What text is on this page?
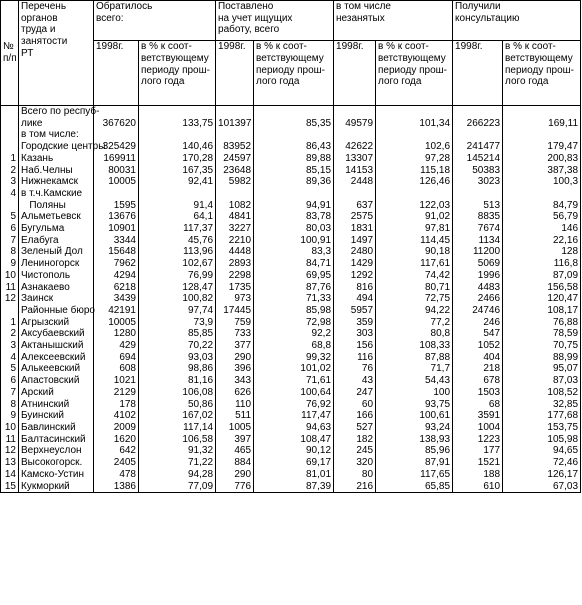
№
п/п	Перечень
органов
труда и
занятости
РТ	Обратилось
всего:		Поставлено
на учет ищущих
работу, всего		в том числе
незанятых		Получили
консультацию	
		1998г.	в % к соот-
ветствующему
периоду прош-
лого года	1998г.	в % к соот-
ветствующему
периоду прош-
лого года	1998г.	в % к соот-
ветствующему
периоду прош-
лого года	1998г.	в % к соот-
ветствующему
периоду прош-
лого года
	Всего по респуб-								
	лике	367620	133,75	101397	85,35	49579	101,34	266223	169,11
	в том числе:								
	Городские центры	325429	140,46	83952	86,43	42622	102,6	241477	179,47

1	Казань	169911	170,28	24597	89,88	13307	97,28	145214	200,83
2	Наб.Челны	80031	167,35	23648	85,15	14153	115,18	50383	387,38
3	Нижнекамск	10005	92,41	5982	89,36	2448	126,46	3023	100,3
4	в т.ч.Камские								
	Поляны	1595	91,4	1082	94,91	637	122,03	513	84,79
5	Альметьевск	13676	64,1	4841	83,78	2575	91,02	8835	56,79
6	Бугульма	10901	117,37	3227	80,03	1831	97,81	7674	146
7	Елабуга	3344	45,76	2210	100,91	1497	114,45	1134	22,16
8	Зеленый Дол	15648	113,96	4448	83,3	2480	90,18	11200	128
9	Лениногорск	7962	102,67	2893	84,71	1429	117,61	5069	116,8
10	Чистополь	4294	76,99	2298	69,95	1292	74,42	1996	87,09
11	Азнакаево	6218	128,47	1735	87,76	816	80,71	4483	156,58
12	Заинск	3439	100,82	973	71,33	494	72,75	2466	120,47

	Районные бюро	42191	97,74	17445	85,98	5957	94,22	24746	108,17

1	Агрызский	10005	73,9	759	72,98	359	77,2	246	76,88
2	Аксубаевский	1280	85,85	733	92,2	303	80,8	547	78,59
3	Актанышский	429	70,22	377	68,8	156	108,33	1052	70,75
4	Алексеевский	694	93,03	290	99,32	116	87,88	404	88,99
5	Алькеевский	608	98,86	396	101,02	76	71,7	218	95,07
6	Апастовский	1021	81,16	343	71,61	43	54,43	678	87,03
7	Арский	2129	106,08	626	100,64	247	100	1503	108,52
8	Атнинский	178	50,86	110	76,92	60	93,75	68	32,85
9	Буинский	4102	167,02	511	117,47	166	100,61	3591	177,68
10	Бавлинский	2009	117,14	1005	94,63	527	93,24	1004	153,75
11	Балтасинский	1620	106,58	397	108,47	182	138,93	1223	105,98
12	Верхнеуслон	642	91,32	465	90,12	245	85,96	177	94,65
13	Высокогорск.	2405	71,22	884	69,17	320	87,91	1521	72,46
14	Камско-Устин	478	94,28	290	81,01	80	117,65	188	126,17
15	Кукморкий	1386	77,09	776	87,39	216	65,85	610	67,03
